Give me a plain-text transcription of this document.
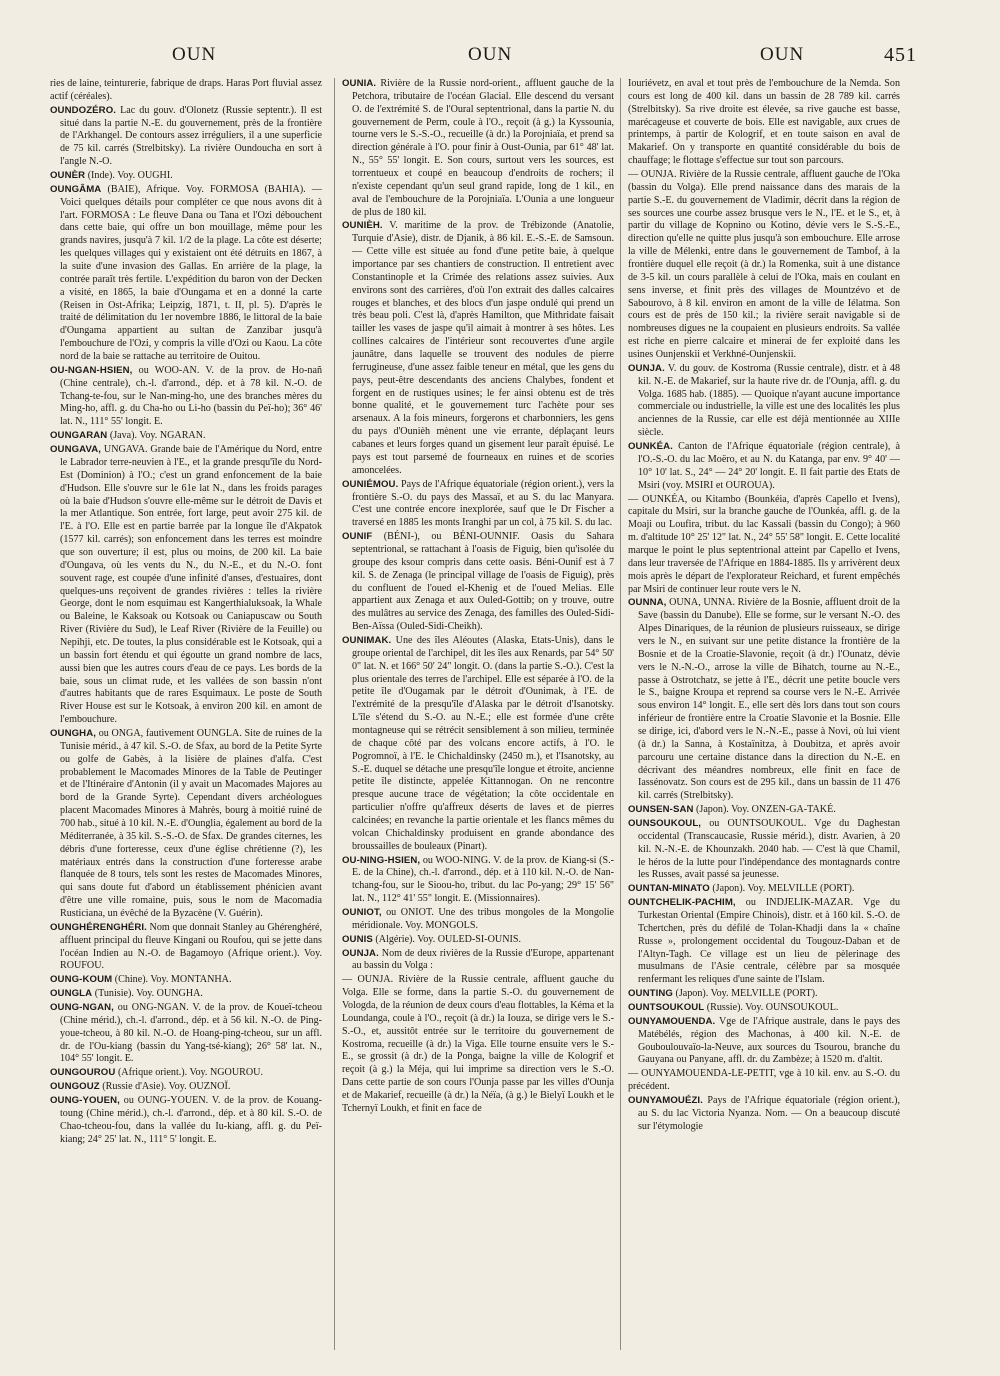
OUN	OUN	OUN	451

ries de laine, teinturerie, fabrique de draps. Haras Port fluvial assez actif (céréales).

OUNDOZÉRO. Lac du gouv. d'Olonetz (Russie septentr.). Il est situé dans la partie N.-E. du gouvernement, près de la frontière de l'Arkhangel. De contours assez irréguliers, il a une superficie de 75 kil. carrés (Strelbitsky). La rivière Oundoucha en sort à l'angle N.-O.

OUNÈR (Inde). Voy. OUGHI.

OUNGÂMA (BAIE), Afrique. Voy. FORMOSA (BAHIA). — Voici quelques détails pour compléter ce que nous avons dit à l'art. FORMOSA : Le fleuve Dana ou Tana et l'Ozi débouchent dans cette baie, qui offre un bon mouillage, même pour les grands navires, jusqu'à 7 kil. 1/2 de la plage. La côte est déserte; les quelques villages qui y existaient ont été détruits en 1867, à la suite d'une invasion des Gallas. En arrière de la plage, la contrée paraît très fertile. L'expédition du baron von der Decken a visité, en 1865, la baie d'Oungama et en a donné la carte (Reisen in Ost-Afrika; Leipzig, 1871, t. II, pl. 5). D'après le traité de délimitation du 1er novembre 1886, le littoral de la baie d'Oungama appartient au sultan de Zanzibar jusqu'à l'embouchure de l'Ozi, y compris la ville d'Ozi ou Kaou. La côte nord de la baie se rattache au territoire de Ouitou.

OU-NGAN-HSIEN, ou WOO-AN. V. de la prov. de Ho-nañ (Chine centrale), ch.-l. d'arrond., dép. et à 78 kil. N.-O. de Tchang-te-fou, sur le Nan-ming-ho, une des branches mères du Ming-ho, affl. g. du Cha-ho ou Li-ho (bassin du Peï-ho); 36° 46' lat. N., 111° 55' longit. E.

OUNGARAN (Java). Voy. NGARAN.

OUNGAVA, UNGAVA. Grande baie de l'Amérique du Nord, entre le Labrador terre-neuvien à l'E., et la grande presqu'île du Nord-Est (Dominion) à l'O.; c'est un grand enfoncement de la baie d'Hudson. Elle s'ouvre sur le 61e lat N., dans les froids parages où la baie d'Hudson s'ouvre elle-même sur le détroit de Davis et la mer Atlantique. Son entrée, fort large, peut avoir 275 kil. de l'E. à l'O. Elle est en partie barrée par la longue île d'Akpatok (1577 kil. carrés); son enfoncement dans les terres est moindre que son ouverture; il est, plus ou moins, de 200 kil. La baie d'Oungava, où les vents du N., du N.-E., et du N.-O. font souvent rage, est coupée d'une infinité d'anses, d'estuaires, dont quelques-uns reçoivent de grandes rivières : telles la rivière George, dont le nom esquimau est Kangerthialuksoak, la Whale ou Baleine, le Kaksoak ou Kotsoak ou Caniapuscaw ou South River (Rivière du Sud), le Leaf River (Rivière de la Feuille) ou Nepihji, etc. De toutes, la plus considérable est le Kotsoak, qui a un bassin fort étendu et qui égoutte un grand nombre de lacs, aussi bien que les autres cours d'eau de ce pays. Les bords de la baie, sous un climat rude, et les vallées de son bassin n'ont d'autres habitants que de rares Esquimaux. Le poste de South River House est sur le Kotsoak, à environ 200 kil. en amont de l'embouchure.

OUNGHA, ou ONGA, fautivement OUNGLA. Site de ruines de la Tunisie mérid., à 47 kil. S.-O. de Sfax, au bord de la Petite Syrte ou golfe de Gabès, à la lisière de plaines d'alfa. C'est probablement le Macomades Minores de la Table de Peutinger et de l'Itinéraire d'Antonin (il y avait un Macomades Majores au bord de la Grande Syrte). Cependant divers archéologues placent Macomades Minores à Mahrès, bourg à moitié ruiné de 700 hab., situé à 10 kil. N.-E. d'Ounglia, également au bord de la Méditerranée, à 35 kil. S.-S.-O. de Sfax. De grandes citernes, les débris d'une forteresse, ceux d'une église chrétienne (?), les matériaux entrés dans la construction d'une forteresse arabe flanquée de 8 tours, tels sont les restes de Macomades Minores, qui sans doute fut d'abord un établissement phénicien avant d'être une ville romaine, puis, sous le nom de Macomadia Rusticiana, un évêché de la Byzacène (V. Guérin).

OUNGHÉRENGHÉRI. Nom que donnait Stanley au Ghérenghéré, affluent principal du fleuve Kingani ou Roufou, qui se jette dans l'océan Indien au N.-O. de Bagamoyo (Afrique orient.). Voy. ROUFOU.

OUNG-KOUM (Chine). Voy. MONTANHA.

OUNGLA (Tunisie). Voy. OUNGHA.

OUNG-NGAN, ou ONG-NGAN. V. de la prov. de Koueï-tcheou (Chine mérid.), ch.-l. d'arrond., dép. et à 56 kil. N.-O. de Ping-youe-tcheou, à 80 kil. N.-O. de Hoang-ping-tcheou, sur un affl. dr. de l'Ou-kiang (bassin du Yang-tsé-kiang); 26° 58' lat. N., 104° 55' longit. E.

OUNGOUROU (Afrique orient.). Voy. NGOUROU.

OUNGOUZ (Russie d'Asie). Voy. OUZNOÏ.

OUNG-YOUEN, ou OUNG-YOUEN. V. de la prov. de Kouang-toung (Chine mérid.), ch.-l. d'arrond., dép. et à 80 kil. S.-O. de Chao-tcheou-fou, dans la vallée du Iu-kiang, affl. g. du Peï-kiang; 24° 25' lat. N., 111° 5' longit. E.

OUNIA. Rivière de la Russie nord-orient., affluent gauche de la Petchora, tributaire de l'océan Glacial. Elle descend du versant O. de l'extrémité S. de l'Oural septentrional, dans la partie N. du gouvernement de Perm, coule à l'O., reçoit (à g.) la Kyssounia, tourne vers le S.-S.-O., recueille (à dr.) la Porojniaïa, et prend sa direction générale à l'O. pour finir à Oust-Ounia, par 61° 48' lat. N., 55° 55' longit. E. Son cours, surtout vers les sources, est torrentueux et coupé en beaucoup d'endroits de rochers; il n'existe cependant qu'un seul grand rapide, long de 1 kil., en aval de l'embouchure de la Porojniaïa. L'Ounia a une longueur de plus de 180 kil.

OUNIÈH. V. maritime de la prov. de Trébizonde (Anatolie, Turquie d'Asie), distr. de Djanik, à 86 kil. E.-S.-E. de Samsoun. — Cette ville est située au fond d'une petite baie, à quelque importance par ses chantiers de construction. Il entretient avec Constantinople et la Crimée des relations assez suivies. Aux environs sont des carrières, d'où l'on extrait des dalles calcaires rouges et blanches, et des blocs d'un jaspe ondulé qui prend un très beau poli. C'est là, d'après Hamilton, que Mithridate faisait tailler les vases de jaspe qu'il aimait à montrer à ses hôtes. Les collines calcaires de l'intérieur sont recouvertes d'une argile jaunâtre, dans laquelle se trouvent des nodules de pierre ferrugineuse, d'une assez faible teneur en métal, que les gens du pays, peut-être descendants des anciens Chalybes, fondent et forgent en de rustiques usines; le fer ainsi obtenu est de très bonne qualité, et le gouvernement turc l'achète pour ses arsenaux. A la fois mineurs, forgerons et charbonniers, les gens du pays d'Ounièh mènent une vie errante, déplaçant leurs cabanes et leurs forges quand un gisement leur paraît épuisé. Le pays est tout parsemé de fourneaux en ruines et de scories amoncelées.

OUNIÉMOU. Pays de l'Afrique équatoriale (région orient.), vers la frontière S.-O. du pays des Massaï, et au S. du lac Manyara. C'est une contrée encore inexplorée, sauf que le Dr Fischer a traversé en 1885 les monts Iranghi par un col, à 75 kil. S. du lac.

OUNIF (BÉNI-), ou BÉNI-OUNNIF. Oasis du Sahara septentrional, se rattachant à l'oasis de Figuig, bien qu'isolée du groupe des ksour compris dans cette oasis. Béni-Ounif est à 7 kil. S. de Zenaga (le principal village de l'oasis de Figuig), près du confluent de l'oued el-Khenig et de l'oued Melias. Elle appartient aux Zenaga et aux Ouled-Gottib; on y trouve, outre des mulâtres au service des Zenaga, des familles des Ouled-Sidi-Ben-Aïssa (Ouled-Sidi-Cheikh).

OUNIMAK. Une des îles Aléoutes (Alaska, Etats-Unis), dans le groupe oriental de l'archipel, dit les îles aux Renards, par 54° 50' 0" lat. N. et 166° 50' 24" longit. O. (dans la partie S.-O.). C'est la plus orientale des terres de l'archipel. Elle est séparée à l'O. de la petite île d'Ougamak par le détroit d'Ounimak, à l'E. de l'extrémité de la presqu'île d'Alaska par le détroit d'Isanotsky. L'île s'étend du S.-O. au N.-E.; elle est formée d'une crête montagneuse qui se rétrécit sensiblement à son milieu, terminée de chaque côté par des volcans encore actifs, à l'O. le Pogromnoï, à l'E. le Chichaldinsky (2450 m.), et l'Isanotsky, au S.-E. duquel se détache une presqu'île longue et étroite, ancienne petite île distincte, appelée Kittannogan. On ne rencontre presque aucune trace de végétation; la côte occidentale en particulier n'offre qu'affreux déserts de laves et de pierres calcinées; en revanche la partie orientale et les flancs mêmes du volcan Chichaldinsky produisent en grande abondance des broussailles de bouleaux (Pinart).

OU-NING-HSIEN, ou WOO-NING. V. de la prov. de Kiang-si (S.-E. de la Chine), ch.-l. d'arrond., dép. et à 110 kil. N.-O. de Nan-tchang-fou, sur le Sioou-ho, tribut. du lac Po-yang; 29° 15' 56" lat. N., 112° 41' 55" longit. E. (Missionnaires).

OUNIOT, ou ONIOT. Une des tribus mongoles de la Mongolie méridionale. Voy. MONGOLS.

OUNIS (Algérie). Voy. OULED-SI-OUNIS.

OUNJA. Nom de deux rivières de la Russie d'Europe, appartenant au bassin du Volga :

— OUNJA. Rivière de la Russie centrale, affluent gauche du Volga. Elle se forme, dans la partie S.-O. du gouvernement de Vologda, de la réunion de deux cours d'eau flottables, la Kéma et la Loundanga, coule à l'O., reçoit (à dr.) la Iouza, se dirige vers le S.-S.-O., et, aussitôt entrée sur le territoire du gouvernement de Kostroma, recueille (à dr.) la Viga. Elle tourne ensuite vers le S.-E., se grossit (à dr.) de la Ponga, baigne la ville de Kologrif et reçoit (à g.) la Méja, qui lui imprime sa direction vers le S.-O. Dans cette partie de son cours l'Ounja passe par les villes d'Ounja et de Makarief, recueille (à dr.) la Néïa, (à g.) le Bielyï Loukh et le Tchernyï Loukh, et finit en face de

Iouriévetz, en aval et tout près de l'embouchure de la Nemda. Son cours est long de 400 kil. dans un bassin de 28 789 kil. carrés (Strelbitsky). Sa rive droite est élevée, sa rive gauche est basse, marécageuse et couverte de bois. Elle est navigable, aux crues de printemps, à partir de Kologrif, et en toute saison en aval de Makarief. On y transporte en quantité considérable du bois de chauffage; le flottage s'effectue sur tout son parcours.

— OUNJA. Rivière de la Russie centrale, affluent gauche de l'Oka (bassin du Volga). Elle prend naissance dans des marais de la partie S.-E. du gouvernement de Vladimir, décrit dans la région de ses sources une courbe assez brusque vers le N., l'E. et le S., et, à partir du village de Kopnino ou Kotino, dévie vers le S.-S.-E., direction qu'elle ne quitte plus jusqu'à son embouchure. Elle arrose la ville de Mélenki, entre dans le gouvernement de Tambof, à la frontière duquel elle reçoit (à dr.) la Romenka, suit à une distance de 3-5 kil. un cours parallèle à celui de l'Oka, mais en coulant en sens inverse, et finit près des villages de Mountzévo et de Sabourovo, à 8 kil. environ en amont de la ville de Iélatma. Son cours est de près de 150 kil.; la rivière serait navigable si de nombreuses digues ne la coupaient en plusieurs endroits. Sa vallée est riche en pierre calcaire et minerai de fer exploité dans les usines Ounjenskii et Verkhné-Ounjenskii.

OUNJA. V. du gouv. de Kostroma (Russie centrale), distr. et à 48 kil. N.-E. de Makarief, sur la haute rive dr. de l'Ounja, affl. g. du Volga. 1685 hab. (1885). — Quoique n'ayant aucune importance commerciale ou industrielle, la ville est une des localités les plus anciennes de la Russie, car elle est déjà mentionnée au XIIIe siècle.

OUNKÉA. Canton de l'Afrique équatoriale (région centrale), à l'O.-S.-O. du lac Moëro, et au N. du Katanga, par env. 9° 40' — 10° 10' lat. S., 24° — 24° 20' longit. E. Il fait partie des Etats de Msiri (voy. MSIRI et OUROUA).

— OUNKÉA, ou Kitambo (Bounkéia, d'après Capello et Ivens), capitale du Msiri, sur la branche gauche de l'Ounkéa, affl. g. de la Moaji ou Loufira, tribut. du lac Kassali (bassin du Congo); à 960 m. d'altitude 10° 25' 12" lat. N., 24° 55' 58" longit. E. Cette localité marque le point le plus septentrional atteint par Capello et Ivens, dans leur traversée de l'Afrique en 1884-1885. Ils y arrivèrent deux mois après le départ de l'explorateur Reichard, et furent empêchés par Msiri de continuer leur route vers le N.

OUNNA, OUNA, UNNA. Rivière de la Bosnie, affluent droit de la Save (bassin du Danube). Elle se forme, sur le versant N.-O. des Alpes Dinariques, de la réunion de plusieurs ruisseaux, se dirige vers le N., en suivant sur une petite distance la frontière de la Bosnie et de la Croatie-Slavonie, reçoit (à dr.) l'Ounatz, dévie vers le N.-N.-O., arrose la ville de Bihatch, tourne au N.-E., passe à Ostrotchatz, se jette à l'E., décrit une petite boucle vers le S., baigne Kroupa et reprend sa course vers le N.-E. Arrivée sous environ 14° longit. E., elle sert dès lors dans tout son cours inférieur de frontière entre la Croatie Slavonie et la Bosnie. Elle se dirige, ici, d'abord vers le N.-N.-E., passe à Novi, où lui vient (à dr.) la Sanna, à Kostaïnitza, à Doubitza, et après avoir parcouru une certaine distance dans la direction du N.-E. en décrivant des méandres nombreux, elle finit en face de Iassénovatz. Son cours est de 295 kil., dans un bassin de 11 476 kil. carrés (Strelbitsky).

OUNSEN-SAN (Japon). Voy. ONZEN-GA-TAKÉ.

OUNSOUKOUL, ou OUNTSOUKOUL. Vge du Daghestan occidental (Transcaucasie, Russie mérid.), distr. Avarien, à 20 kil. N.-N.-E. de Khounzakh. 2040 hab. — C'est là que Chamil, le héros de la lutte pour l'indépendance des montagnards contre les Russes, avait passé sa jeunesse.

OUNTAN-MINATO (Japon). Voy. MELVILLE (PORT).

OUNTCHELIK-PACHIM, ou INDJELIK-MAZAR. Vge du Turkestan Oriental (Empire Chinois), distr. et à 160 kil. S.-O. de Tchertchen, près du défilé de Tolan-Khadji dans la « chaîne Russe », prolongement occidental du Tougouz-Daban et de l'Altyn-Tagh. Ce village est un lieu de pèlerinage des musulmans de l'Asie centrale, célèbre par sa mosquée renfermant les reliques d'une sainte de l'Islam.

OUNTING (Japon). Voy. MELVILLE (PORT).

OUNTSOUKOUL (Russie). Voy. OUNSOUKOUL.

OUNYAMOUENDA. Vge de l'Afrique australe, dans le pays des Matébélés, région des Machonas, à 400 kil. N.-E. de Gouboulouvaïo-la-Neuve, aux sources du Tsourou, branche du Gauyana ou Panyane, affl. dr. du Zambèze; à 1520 m. d'altit.

— OUNYAMOUENDA-LE-PETIT, vge à 10 kil. env. au S.-O. du précédent.

OUNYAMOUÉZI. Pays de l'Afrique équatoriale (région orient.), au S. du lac Victoria Nyanza. Nom. — On a beaucoup discuté sur l'étymologie
